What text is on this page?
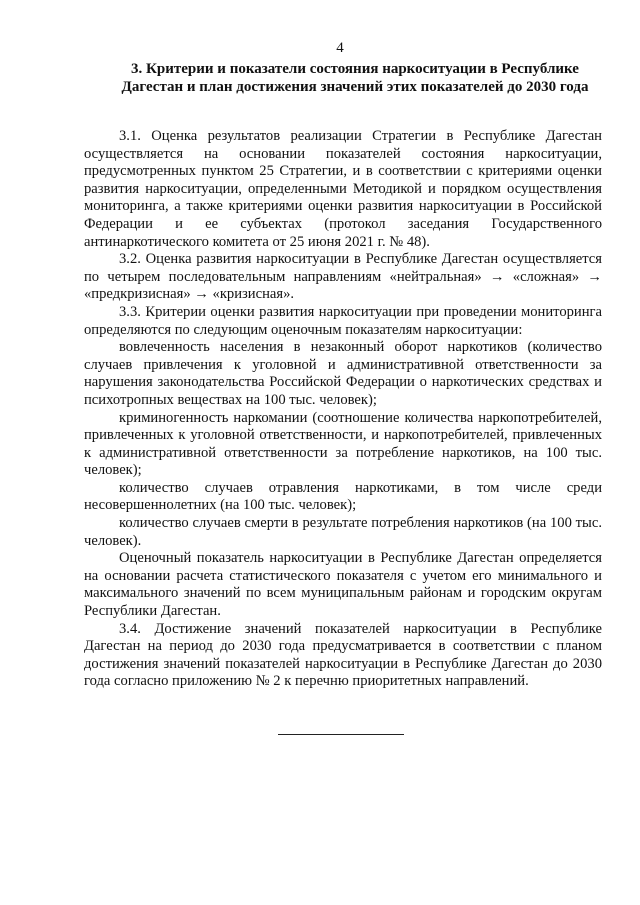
4
3. Критерии и показатели состояния наркоситуации в Республике Дагестан и план достижения значений этих показателей до 2030 года

3.1. Оценка результатов реализации Стратегии в Республике Дагестан осуществляется на основании показателей состояния наркоситуации, предусмотренных пунктом 25 Стратегии, и в соответствии с критериями оценки развития наркоситуации, определенными Методикой и порядком осуществления мониторинга, а также критериями оценки развития наркоситуации в Российской Федерации и ее субъектах (протокол заседания Государственного антинаркотического комитета от 25 июня 2021 г. № 48).

3.2. Оценка развития наркоситуации в Республике Дагестан осуществляется по четырем последовательным направлениям «нейтральная» → «сложная» → «предкризисная» → «кризисная».

3.3. Критерии оценки развития наркоситуации при проведении мониторинга определяются по следующим оценочным показателям наркоситуации:

вовлеченность населения в незаконный оборот наркотиков (количество случаев привлечения к уголовной и административной ответственности за нарушения законодательства Российской Федерации о наркотических средствах и психотропных веществах на 100 тыс. человек);

криминогенность наркомании (соотношение количества наркопотребителей, привлеченных к уголовной ответственности, и наркопотребителей, привлеченных к административной ответственности за потребление наркотиков, на 100 тыс. человек);

количество случаев отравления наркотиками, в том числе среди несовершеннолетних (на 100 тыс. человек);

количество случаев смерти в результате потребления наркотиков (на 100 тыс. человек).

Оценочный показатель наркоситуации в Республике Дагестан определяется на основании расчета статистического показателя с учетом его минимального и максимального значений по всем муниципальным районам и городским округам Республики Дагестан.

3.4. Достижение значений показателей наркоситуации в Республике Дагестан на период до 2030 года предусматривается в соответствии с планом достижения значений показателей наркоситуации в Республике Дагестан до 2030 года согласно приложению № 2 к перечню приоритетных направлений.
